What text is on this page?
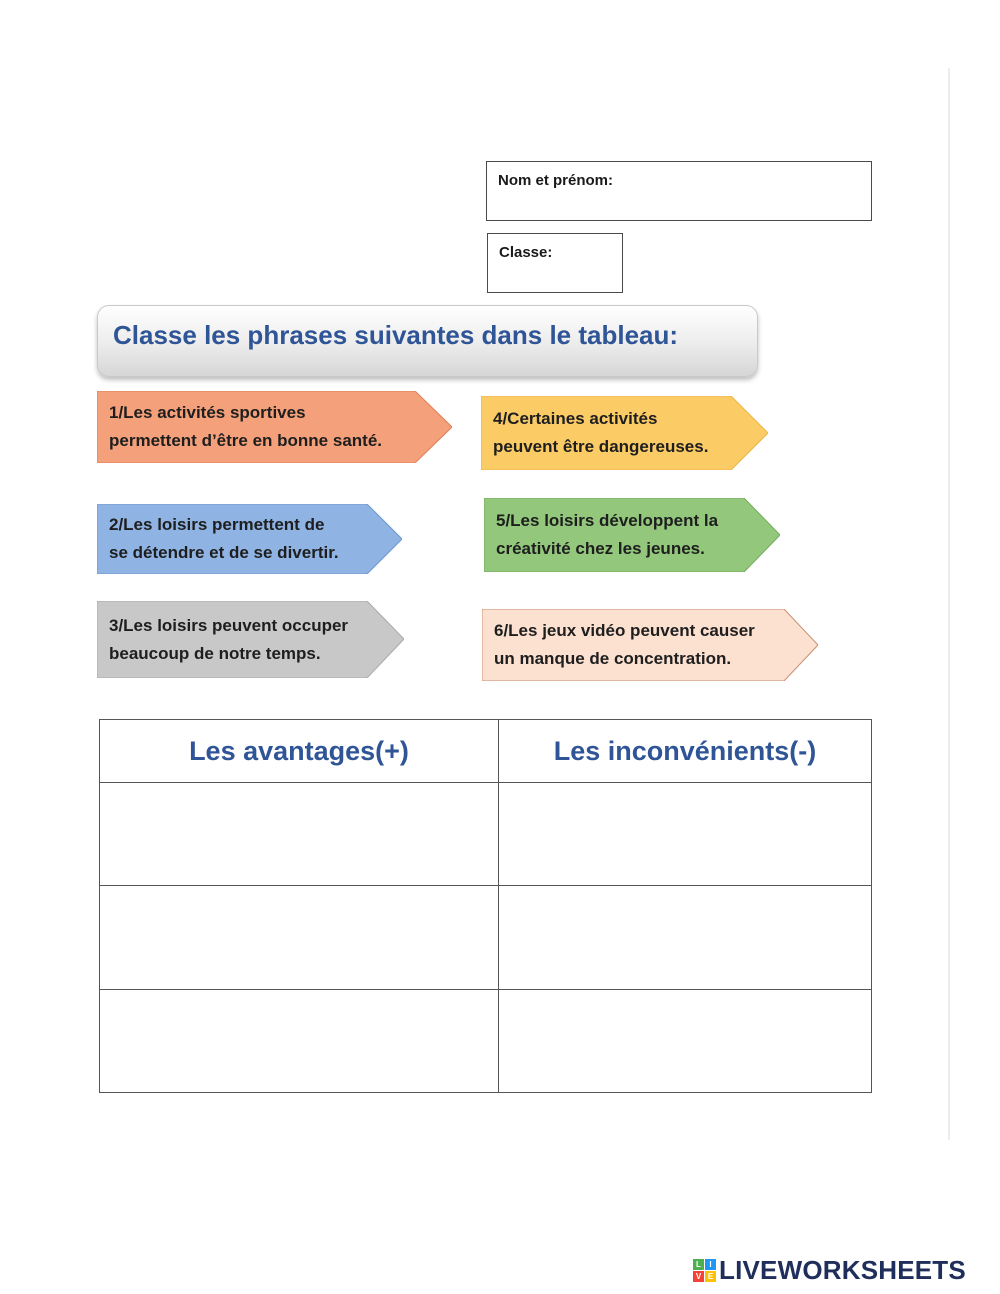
Nom et prénom:
Classe:
Classe les phrases suivantes dans le tableau:
1/Les activités sportives
permettent d’être en bonne santé.
2/Les loisirs permettent de
se détendre et de se divertir.
3/Les loisirs peuvent occuper
beaucoup de notre temps.
4/Certaines activités
peuvent être dangereuses.
5/Les loisirs développent la
créativité chez les jeunes.
6/Les jeux vidéo peuvent causer
un manque de concentration.
Les avantages(+)	Les inconvénients(-)

L	I
V E LIVEWORKSHEETS
